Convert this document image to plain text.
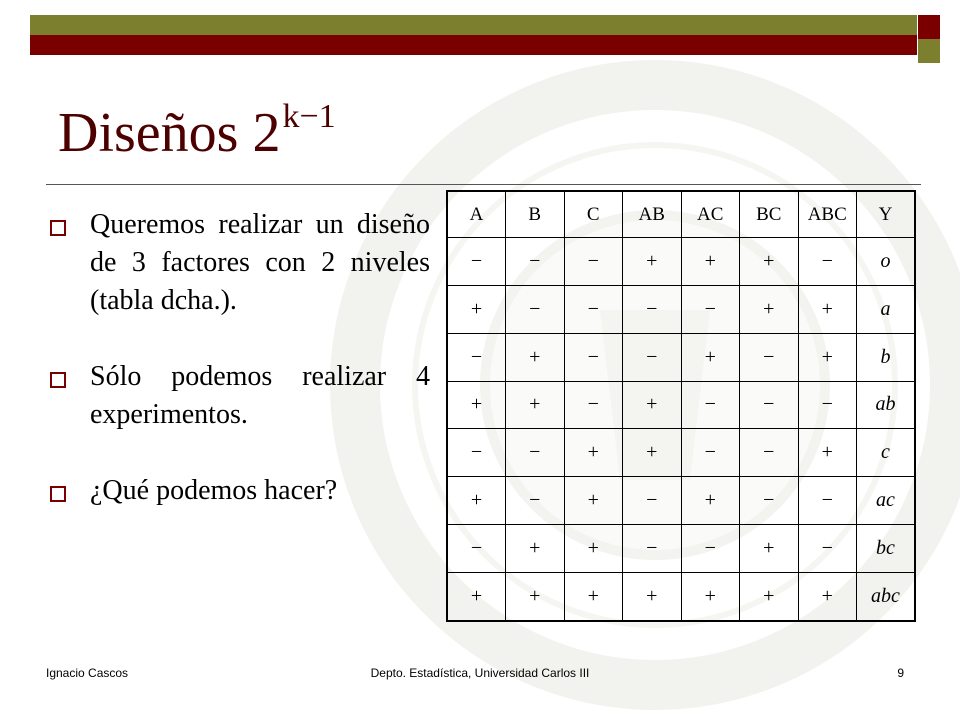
Diseños $2^{k-1}$
Queremos realizar un diseño de 3 factores con 2 niveles (tabla dcha.).
Sólo podemos realizar 4 experimentos.
¿Qué podemos hacer?
A	B	C	AB	AC	BC	ABC	Y
−	−	−	+	+	+	−	o
+	−	−	−	−	+	+	a
−	+	−	−	+	−	+	b
+	+	−	+	−	−	−	ab
−	−	+	+	−	−	+	c
+	−	+	−	+	−	−	ac
−	+	+	−	−	+	−	bc
+	+	+	+	+	+	+	abc
Ignacio Cascos	Depto. Estadística, Universidad Carlos III	9
